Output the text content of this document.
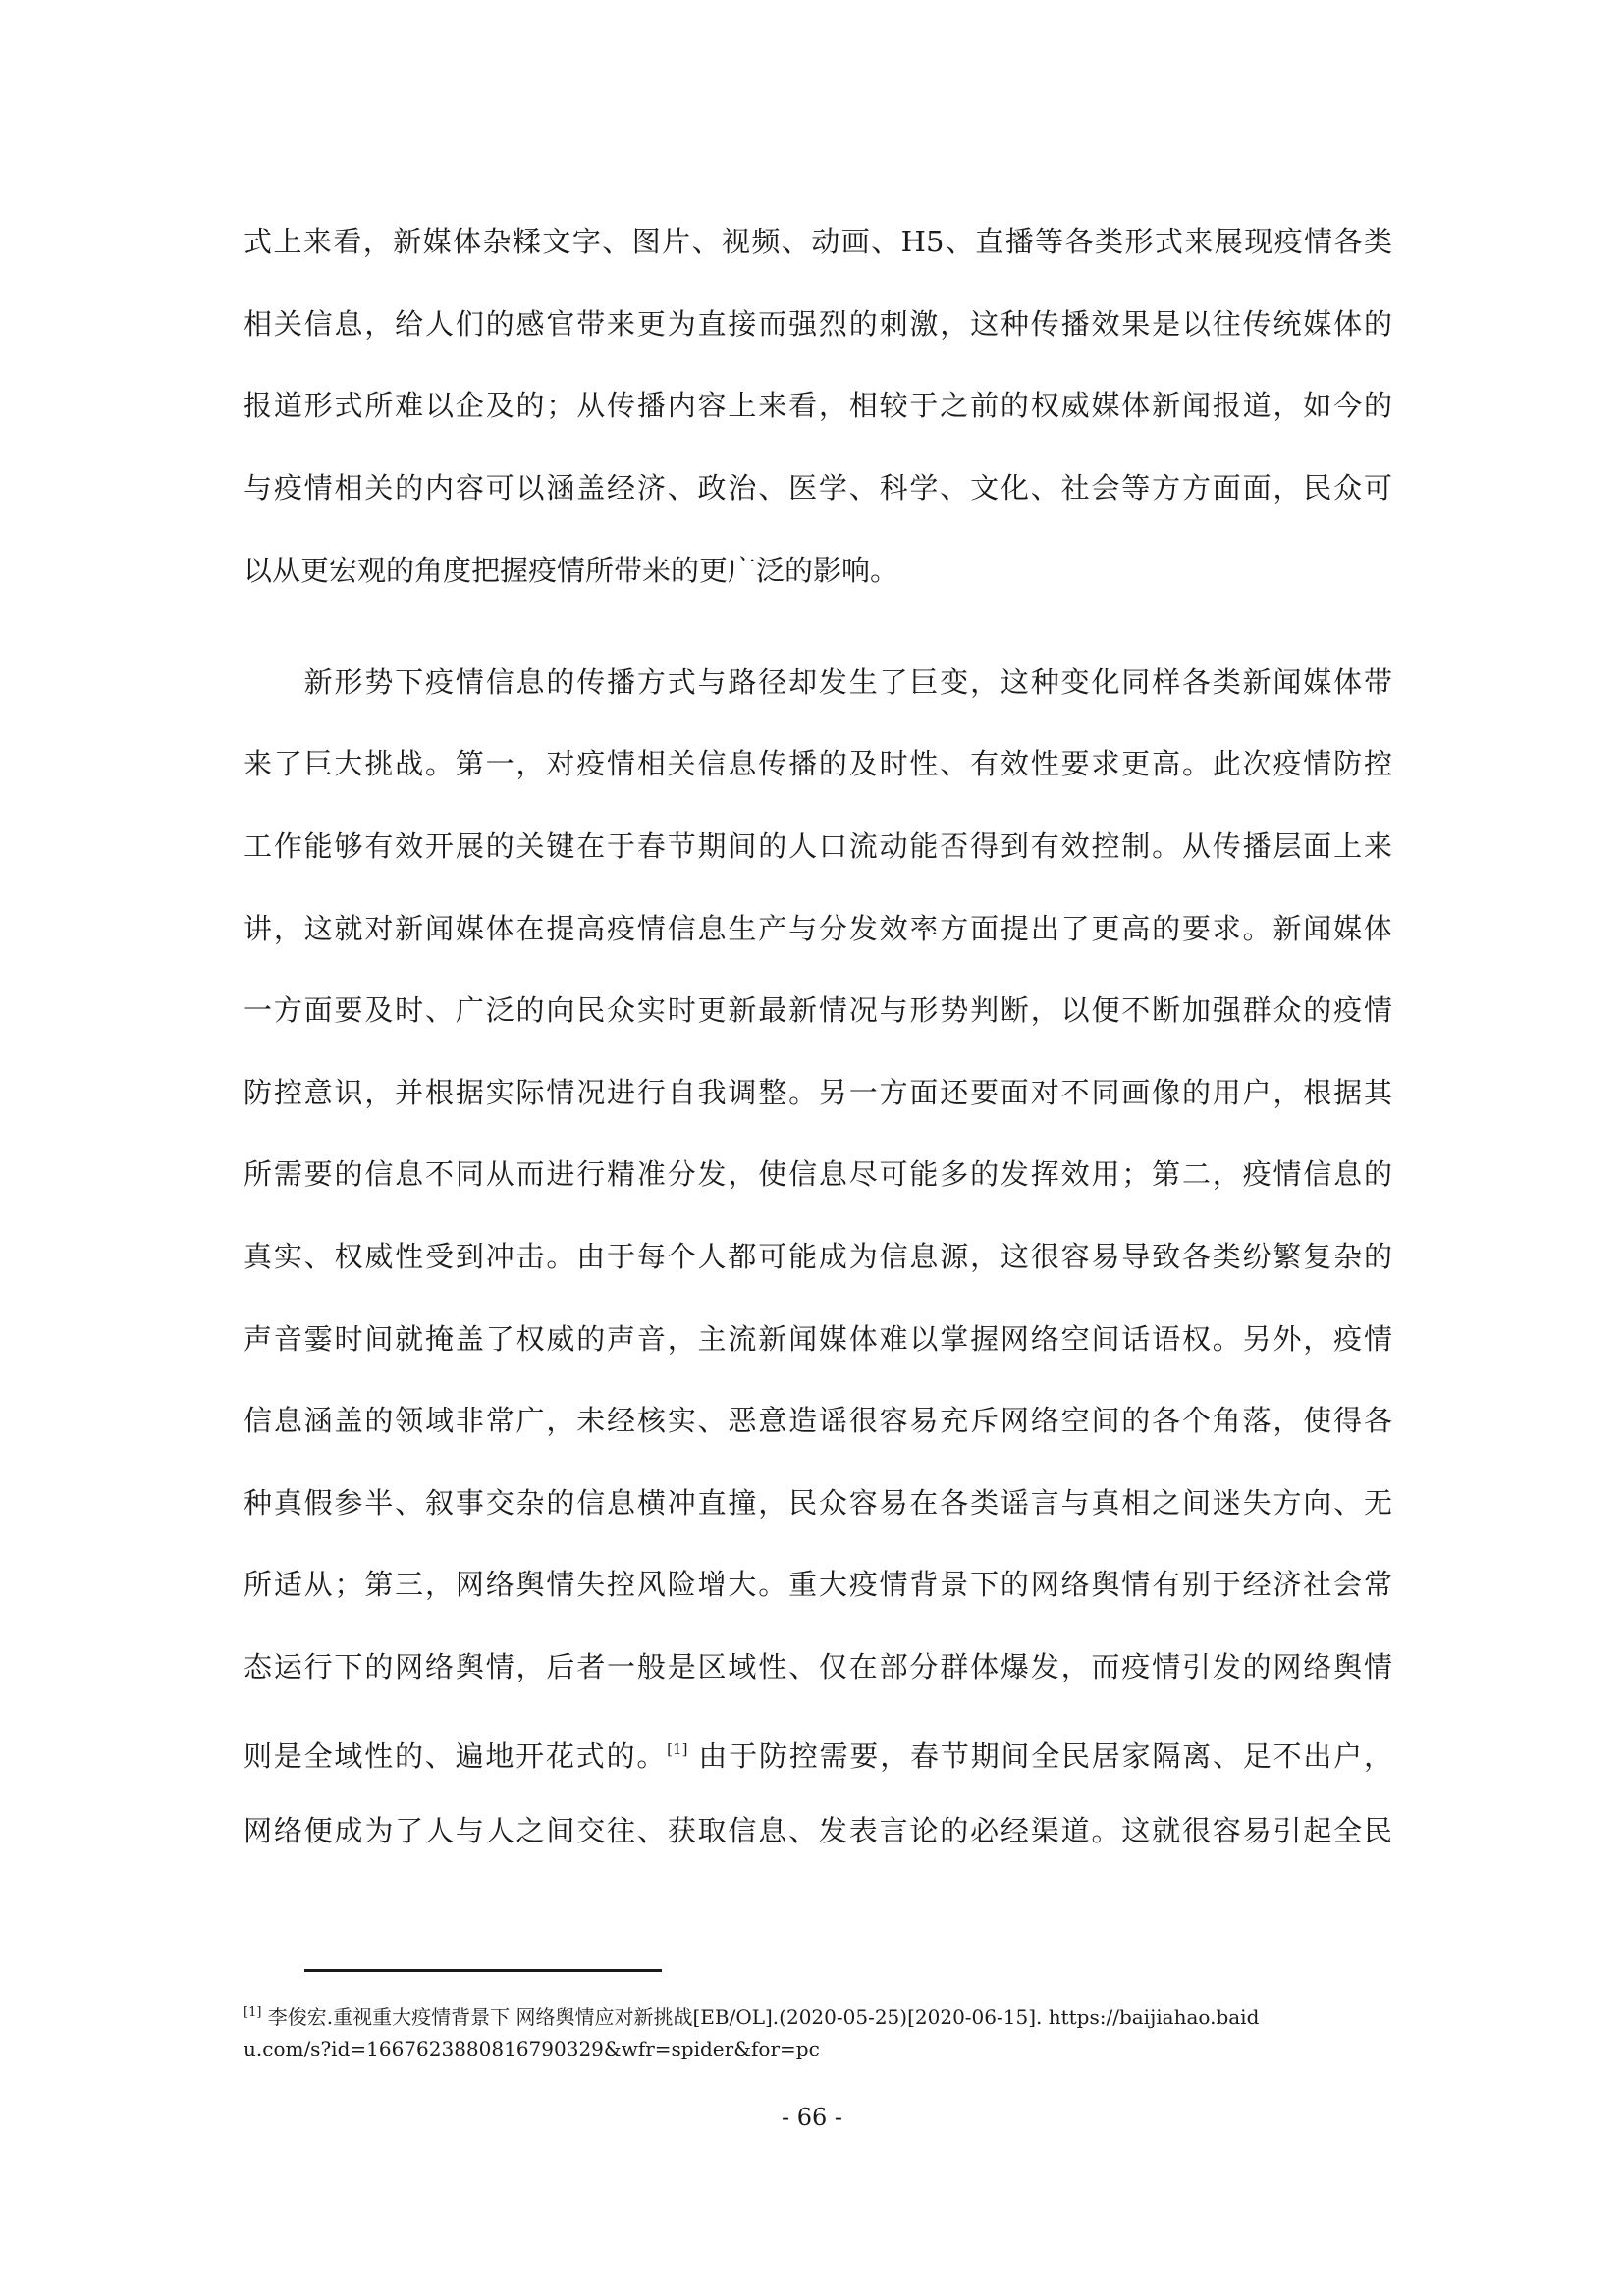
式上来看，新媒体杂糅文字、图片、视频、动画、H5、直播等各类形式来展现疫情各类
相关信息，给人们的感官带来更为直接而强烈的刺激，这种传播效果是以往传统媒体的
报道形式所难以企及的；从传播内容上来看，相较于之前的权威媒体新闻报道，如今的
与疫情相关的内容可以涵盖经济、政治、医学、科学、文化、社会等方方面面，民众可
以从更宏观的角度把握疫情所带来的更广泛的影响。
　　新形势下疫情信息的传播方式与路径却发生了巨变，这种变化同样各类新闻媒体带
来了巨大挑战。第一，对疫情相关信息传播的及时性、有效性要求更高。此次疫情防控
工作能够有效开展的关键在于春节期间的人口流动能否得到有效控制。从传播层面上来
讲，这就对新闻媒体在提高疫情信息生产与分发效率方面提出了更高的要求。新闻媒体
一方面要及时、广泛的向民众实时更新最新情况与形势判断，以便不断加强群众的疫情
防控意识，并根据实际情况进行自我调整。另一方面还要面对不同画像的用户，根据其
所需要的信息不同从而进行精准分发，使信息尽可能多的发挥效用；第二，疫情信息的
真实、权威性受到冲击。由于每个人都可能成为信息源，这很容易导致各类纷繁复杂的
声音霎时间就掩盖了权威的声音，主流新闻媒体难以掌握网络空间话语权。另外，疫情
信息涵盖的领域非常广，未经核实、恶意造谣很容易充斥网络空间的各个角落，使得各
种真假参半、叙事交杂的信息横冲直撞，民众容易在各类谣言与真相之间迷失方向、无
所适从；第三，网络舆情失控风险增大。重大疫情背景下的网络舆情有别于经济社会常
态运行下的网络舆情，后者一般是区域性、仅在部分群体爆发，而疫情引发的网络舆情
则是全域性的、遍地开花式的。[1] 由于防控需要，春节期间全民居家隔离、足不出户，
网络便成为了人与人之间交往、获取信息、发表言论的必经渠道。这就很容易引起全民
[1] 李俊宏.重视重大疫情背景下 网络舆情应对新挑战[EB/OL].(2020-05-25)[2020-06-15]. https://baijiahao.baid
u.com/s?id=1667623880816790329&wfr=spider&for=pc
- 66 -
